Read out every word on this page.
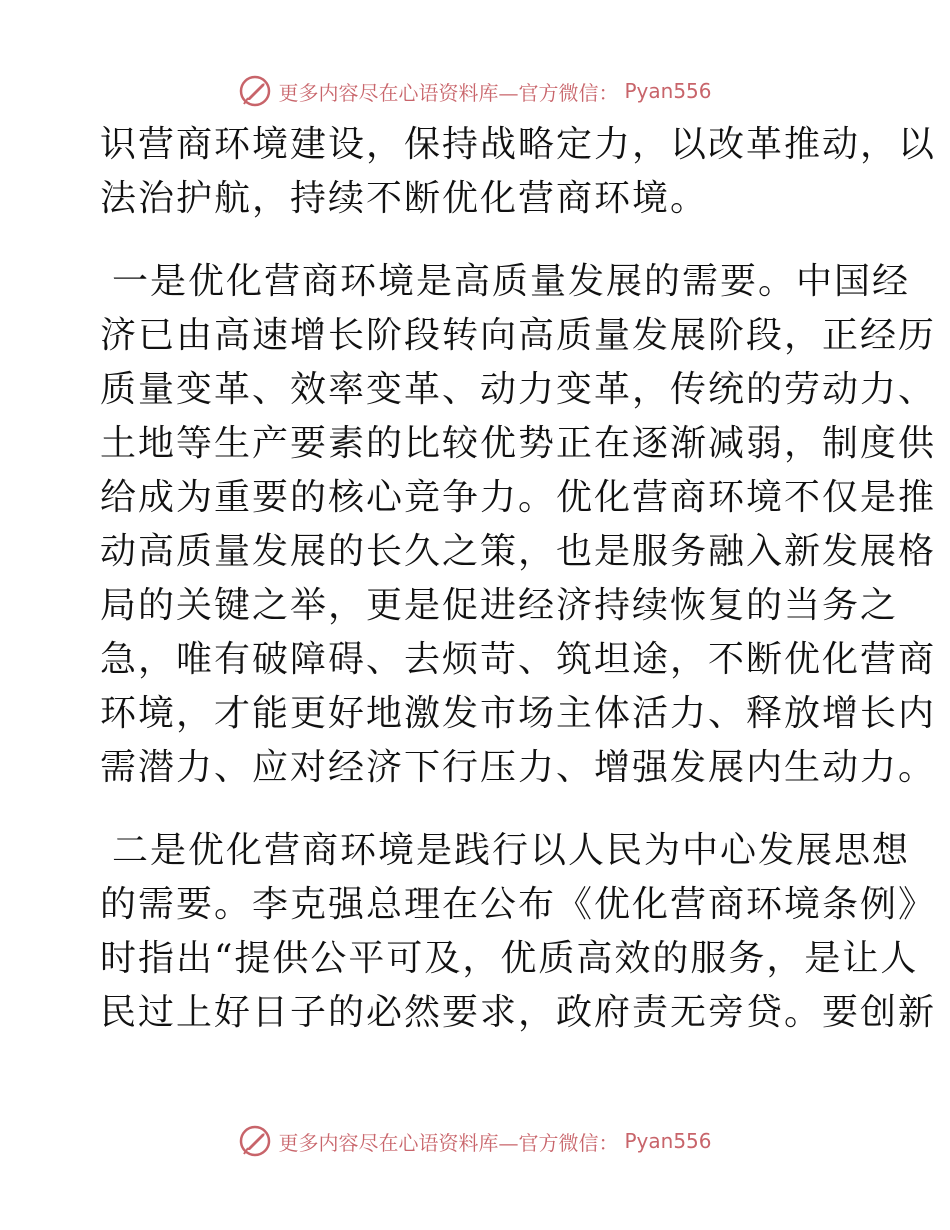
更多内容尽在心语资料库—官方微信： Pyan556
识营商环境建设，保持战略定力，以改革推动，以
法治护航，持续不断优化营商环境。
一是优化营商环境是高质量发展的需要。中国经
济已由高速增长阶段转向高质量发展阶段，正经历
质量变革、效率变革、动力变革，传统的劳动力、
土地等生产要素的比较优势正在逐渐减弱，制度供
给成为重要的核心竞争力。优化营商环境不仅是推
动高质量发展的长久之策，也是服务融入新发展格
局的关键之举，更是促进经济持续恢复的当务之
急，唯有破障碍、去烦苛、筑坦途，不断优化营商
环境，才能更好地激发市场主体活力、释放增长内
需潜力、应对经济下行压力、增强发展内生动力。
二是优化营商环境是践行以人民为中心发展思想
的需要。李克强总理在公布《优化营商环境条例》
时指出“提供公平可及，优质高效的服务，是让人
民过上好日子的必然要求，政府责无旁贷。要创新
更多内容尽在心语资料库—官方微信： Pyan556
